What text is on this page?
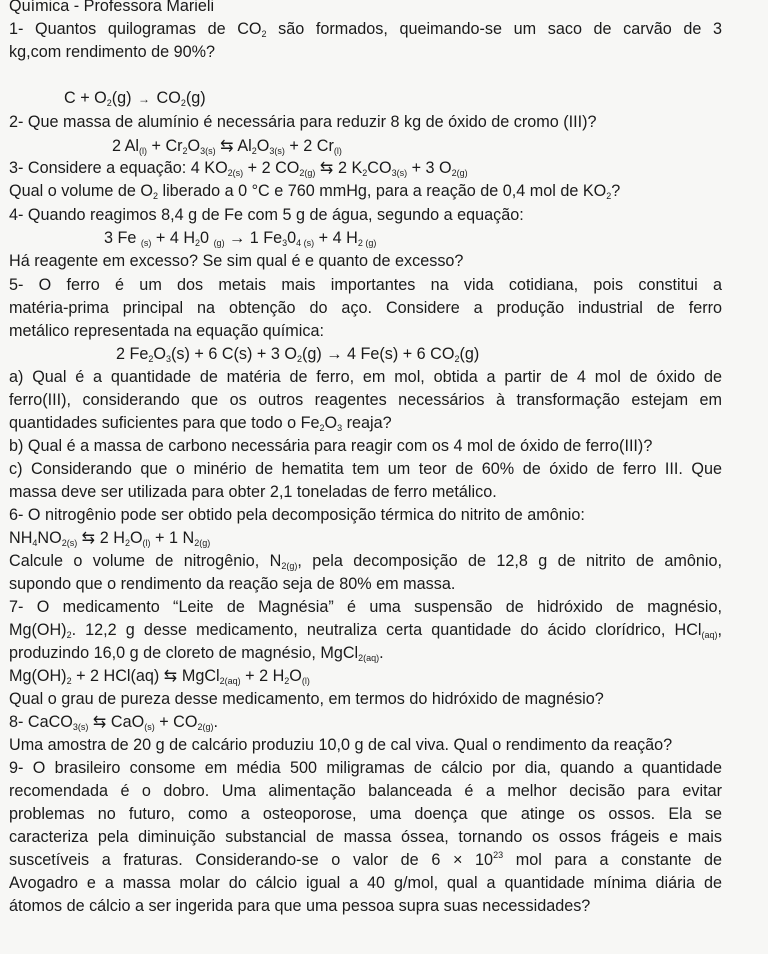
Química - Professora Marieli
1- Quantos quilogramas de $CO_2$ são formados, queimando-se um saco de carvão de 3
kg,com rendimento de 90%?
$C + O_2(g) \to CO_2(g)$
2- Que massa de alumínio é necessária para reduzir 8 kg de óxido de cromo (III)?
2 $Al_{(l)} + Cr_2O_{3(s)}$ ⇆ $Al_2O_{3(s)} + 2$ $Cr_{(l)}$
3- Considere a equação: 4 $KO_{2(s)} + 2$ $CO_{2(g)}$ ⇆ 2 $K_2CO_{3(s)} + 3$ $O_{2(g)}$
Qual o volume de $O_2$ liberado a 0 °C e 760 mmHg, para a reação de 0,4 mol de $KO_2$?
4- Quando reagimos 8,4 g de Fe com 5 g de água, segundo a equação:
3 Fe $_{(s)}$ + 4 $H_20$ $_{(g)}$ → 1 $Fe_30_{4 (s)} + 4$ $H_{2 (g)}$
Há reagente em excesso? Se sim qual é e quanto de excesso?
5- O ferro é um dos metais mais importantes na vida cotidiana, pois constitui a
matéria-prima principal na obtenção do aço. Considere a produção industrial de ferro
metálico representada na equação química:
2 $Fe_2O_3(s) + 6$ C(s) + 3 $O_2(g) \to 4$ Fe(s) + 6 $CO_2(g)$
a) Qual é a quantidade de matéria de ferro, em mol, obtida a partir de 4 mol de óxido de
ferro(III), considerando que os outros reagentes necessários à transformação estejam em
quantidades suficientes para que todo o $Fe_2O_3$ reaja?
b) Qual é a massa de carbono necessária para reagir com os 4 mol de óxido de ferro(III)?
c) Considerando que o minério de hematita tem um teor de 60% de óxido de ferro III. Que
massa deve ser utilizada para obter 2,1 toneladas de ferro metálico.
6- O nitrogênio pode ser obtido pela decomposição térmica do nitrito de amônio:
$NH_4NO_{2(s)}$ ⇆ 2 $H_2O_{(l)} + 1$ $N_{2(g)}$
Calcule o volume de nitrogênio, $N_{2(g)}$, pela decomposição de 12,8 g de nitrito de amônio,
supondo que o rendimento da reação seja de 80% em massa.
7- O medicamento “Leite de Magnésia” é uma suspensão de hidróxido de magnésio,
$Mg(OH)_2$. 12,2 g desse medicamento, neutraliza certa quantidade do ácido clorídrico, HCl$_{(aq)}$,
produzindo 16,0 g de cloreto de magnésio, MgCl$_{2(aq)}$.
$Mg(OH)_2 + 2$ HCl(aq) ⇆ MgCl$_{2(aq)}$ + 2 $H_2O_{(l)}$
Qual o grau de pureza desse medicamento, em termos do hidróxido de magnésio?
8- CaCO$_{3(s)}$ ⇆ $CaO_{(s)} + CO_{2(g)}$.
Uma amostra de 20 g de calcário produziu 10,0 g de cal viva. Qual o rendimento da reação?
9- O brasileiro consome em média 500 miligramas de cálcio por dia, quando a quantidade
recomendada é o dobro. Uma alimentação balanceada é a melhor decisão para evitar
problemas no futuro, como a osteoporose, uma doença que atinge os ossos. Ela se
caracteriza pela diminuição substancial de massa óssea, tornando os ossos frágeis e mais
suscetíveis a fraturas. Considerando-se o valor de $6 \times 10^{23}$ mol para a constante de
Avogadro e a massa molar do cálcio igual a 40 g/mol, qual a quantidade mínima diária de
átomos de cálcio a ser ingerida para que uma pessoa supra suas necessidades?
